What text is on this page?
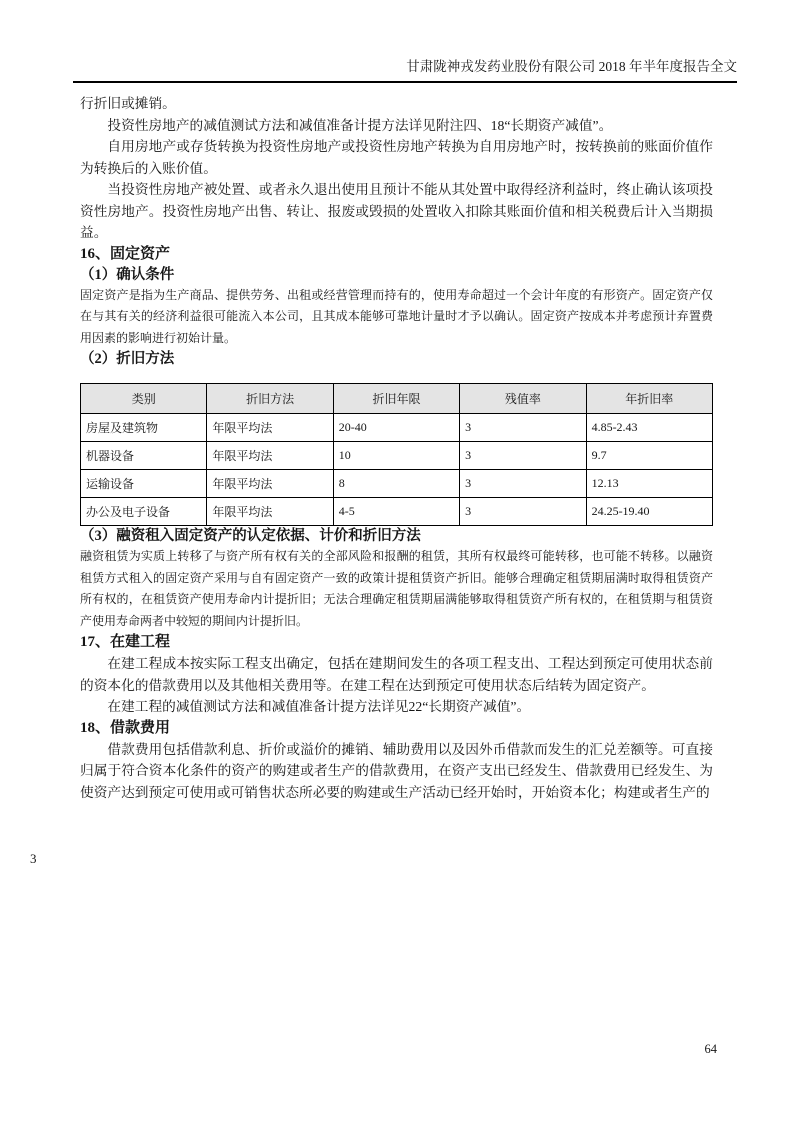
甘肃陇神戎发药业股份有限公司 2018 年半年度报告全文

行折旧或摊销。

投资性房地产的减值测试方法和减值准备计提方法详见附注四、18“长期资产减值”。

自用房地产或存货转换为投资性房地产或投资性房地产转换为自用房地产时，按转换前的账面价值作为转换后的入账价值。

当投资性房地产被处置、或者永久退出使用且预计不能从其处置中取得经济利益时，终止确认该项投资性房地产。投资性房地产出售、转让、报废或毁损的处置收入扣除其账面价值和相关税费后计入当期损益。

16、固定资产
（1）确认条件

固定资产是指为生产商品、提供劳务、出租或经营管理而持有的，使用寿命超过一个会计年度的有形资产。固定资产仅在与其有关的经济利益很可能流入本公司，且其成本能够可靠地计量时才予以确认。固定资产按成本并考虑预计弃置费用因素的影响进行初始计量。

（2）折旧方法
类别	折旧方法	折旧年限	残值率	年折旧率
房屋及建筑物	年限平均法	20-40	3	4.85-2.43
机器设备	年限平均法	10	3	9.7
运输设备	年限平均法	8	3	12.13
办公及电子设备	年限平均法	4-5	3	24.25-19.40
（3）融资租入固定资产的认定依据、计价和折旧方法

融资租赁为实质上转移了与资产所有权有关的全部风险和报酬的租赁，其所有权最终可能转移，也可能不转移。以融资租赁方式租入的固定资产采用与自有固定资产一致的政策计提租赁资产折旧。能够合理确定租赁期届满时取得租赁资产所有权的，在租赁资产使用寿命内计提折旧；无法合理确定租赁期届满能够取得租赁资产所有权的，在租赁期与租赁资产使用寿命两者中较短的期间内计提折旧。

17、在建工程

在建工程成本按实际工程支出确定，包括在建期间发生的各项工程支出、工程达到预定可使用状态前的资本化的借款费用以及其他相关费用等。在建工程在达到预定可使用状态后结转为固定资产。

在建工程的减值测试方法和减值准备计提方法详见22“长期资产减值”。

18、借款费用

借款费用包括借款利息、折价或溢价的摊销、辅助费用以及因外币借款而发生的汇兑差额等。可直接归属于符合资本化条件的资产的购建或者生产的借款费用，在资产支出已经发生、借款费用已经发生、为使资产达到预定可使用或可销售状态所必要的购建或生产活动已经开始时，开始资本化；构建或者生产的

3
64
